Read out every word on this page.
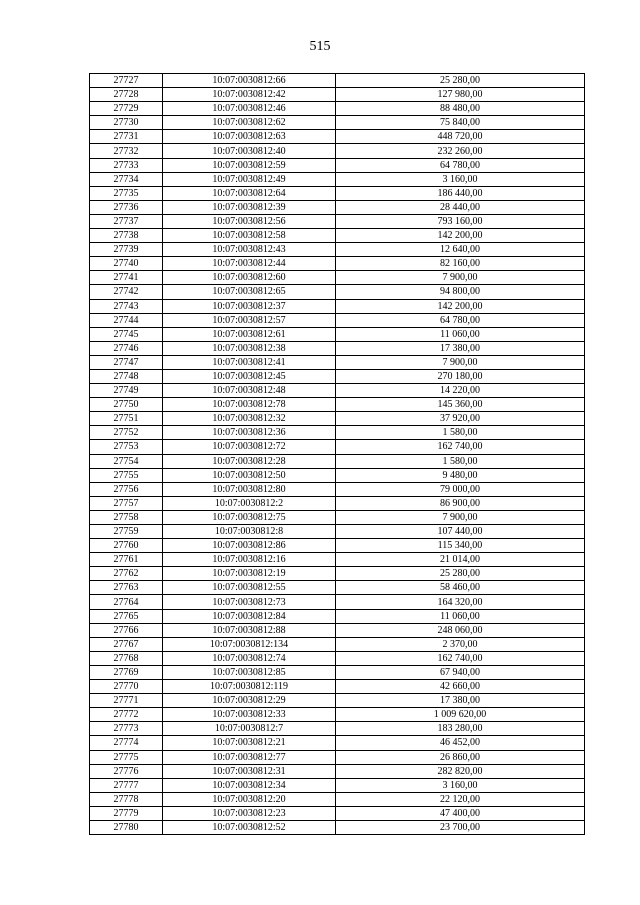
515
27727	10:07:0030812:66	25 280,00
27728	10:07:0030812:42	127 980,00
27729	10:07:0030812:46	88 480,00
27730	10:07:0030812:62	75 840,00
27731	10:07:0030812:63	448 720,00
27732	10:07:0030812:40	232 260,00
27733	10:07:0030812:59	64 780,00
27734	10:07:0030812:49	3 160,00
27735	10:07:0030812:64	186 440,00
27736	10:07:0030812:39	28 440,00
27737	10:07:0030812:56	793 160,00
27738	10:07:0030812:58	142 200,00
27739	10:07:0030812:43	12 640,00
27740	10:07:0030812:44	82 160,00
27741	10:07:0030812:60	7 900,00
27742	10:07:0030812:65	94 800,00
27743	10:07:0030812:37	142 200,00
27744	10:07:0030812:57	64 780,00
27745	10:07:0030812:61	11 060,00
27746	10:07:0030812:38	17 380,00
27747	10:07:0030812:41	7 900,00
27748	10:07:0030812:45	270 180,00
27749	10:07:0030812:48	14 220,00
27750	10:07:0030812:78	145 360,00
27751	10:07:0030812:32	37 920,00
27752	10:07:0030812:36	1 580,00
27753	10:07:0030812:72	162 740,00
27754	10:07:0030812:28	1 580,00
27755	10:07:0030812:50	9 480,00
27756	10:07:0030812:80	79 000,00
27757	10:07:0030812:2	86 900,00
27758	10:07:0030812:75	7 900,00
27759	10:07:0030812:8	107 440,00
27760	10:07:0030812:86	115 340,00
27761	10:07:0030812:16	21 014,00
27762	10:07:0030812:19	25 280,00
27763	10:07:0030812:55	58 460,00
27764	10:07:0030812:73	164 320,00
27765	10:07:0030812:84	11 060,00
27766	10:07:0030812:88	248 060,00
27767	10:07:0030812:134	2 370,00
27768	10:07:0030812:74	162 740,00
27769	10:07:0030812:85	67 940,00
27770	10:07:0030812:119	42 660,00
27771	10:07:0030812:29	17 380,00
27772	10:07:0030812:33	1 009 620,00
27773	10:07:0030812:7	183 280,00
27774	10:07:0030812:21	46 452,00
27775	10:07:0030812:77	26 860,00
27776	10:07:0030812:31	282 820,00
27777	10:07:0030812:34	3 160,00
27778	10:07:0030812:20	22 120,00
27779	10:07:0030812:23	47 400,00
27780	10:07:0030812:52	23 700,00
